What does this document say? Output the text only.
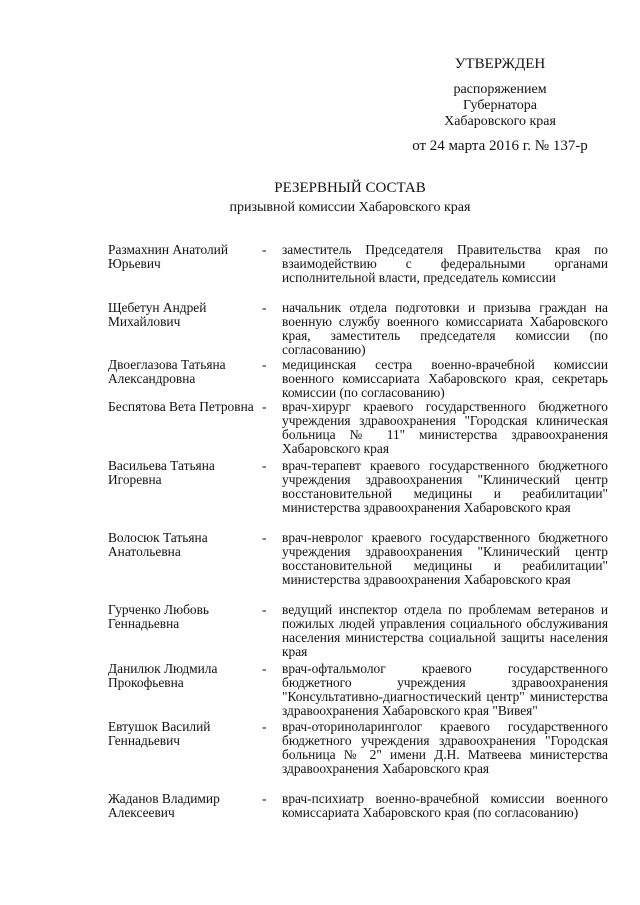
УТВЕРЖДЕН
распоряжением
Губернатора
Хабаровского края
от 24 марта 2016 г. № 137-р
РЕЗЕРВНЫЙ СОСТАВ
призывной комиссии Хабаровского края
Размахнин Анатолий Юрьевич
- заместитель Председателя Правительства края по взаимодействию с федеральными органами исполнительной власти, председатель комиссии
Щебетун Андрей Михайлович
- начальник отдела подготовки и призыва граждан на военную службу военного комиссариата Хабаровского края, заместитель председателя комиссии (по согласованию)
Двоеглазова Татьяна Александровна
- медицинская сестра военно-врачебной комиссии военного комиссариата Хабаровского края, секретарь комиссии (по согласованию)
Беспятова Вета Петровна - врач-хирург краевого государственного бюджетного учреждения здравоохранения "Городская клиническая больница № 11" министерства здравоохранения Хабаровского края
Васильева Татьяна Игоревна
- врач-терапевт краевого государственного бюджетного учреждения здравоохранения "Клинический центр восстановительной медицины и реабилитации" министерства здравоохранения Хабаровского края
Волосюк Татьяна Анатольевна
- врач-невролог краевого государственного бюджетного учреждения здравоохранения "Клинический центр восстановительной медицины и реабилитации" министерства здравоохранения Хабаровского края
Гурченко Любовь Геннадьевна
- ведущий инспектор отдела по проблемам ветеранов и пожилых людей управления социального обслуживания населения министерства социальной защиты населения края
Данилюк Людмила Прокофьевна
- врач-офтальмолог краевого государственного бюджетного учреждения здравоохранения "Консультативно-диагностический центр" министерства здравоохранения Хабаровского края "Вивея"
Евтушок Василий Геннадьевич
- врач-оториноларинголог краевого государственного бюджетного учреждения здравоохранения "Городская больница № 2" имени Д.Н. Матвеева министерства здравоохранения Хабаровского края
Жаданов Владимир Алексеевич
- врач-психиатр военно-врачебной комиссии военного комиссариата Хабаровского края (по согласованию)
